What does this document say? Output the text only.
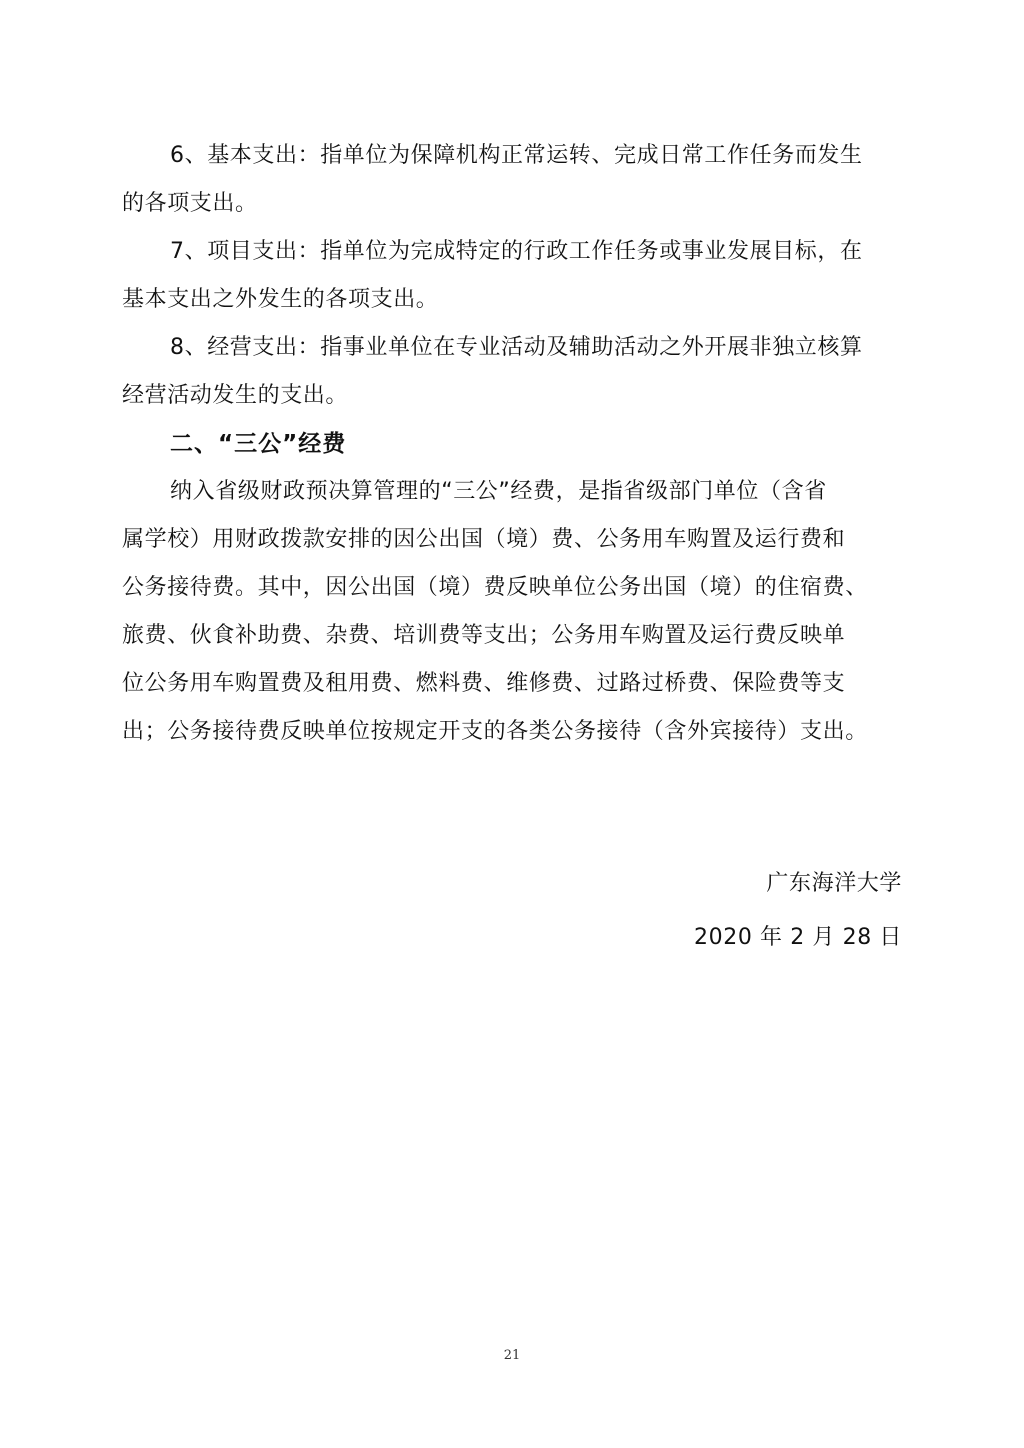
6、基本支出：指单位为保障机构正常运转、完成日常工作任务而发生
的各项支出。

7、项目支出：指单位为完成特定的行政工作任务或事业发展目标，在
基本支出之外发生的各项支出。

8、经营支出：指事业单位在专业活动及辅助活动之外开展非独立核算
经营活动发生的支出。

二、“三公”经费

纳入省级财政预决算管理的“三公”经费，是指省级部门单位（含省
属学校）用财政拨款安排的因公出国（境）费、公务用车购置及运行费和
公务接待费。其中，因公出国（境）费反映单位公务出国（境）的住宿费、
旅费、伙食补助费、杂费、培训费等支出；公务用车购置及运行费反映单
位公务用车购置费及租用费、燃料费、维修费、过路过桥费、保险费等支
出；公务接待费反映单位按规定开支的各类公务接待（含外宾接待）支出。

广东海洋大学
2020 年 2 月 28 日
21
